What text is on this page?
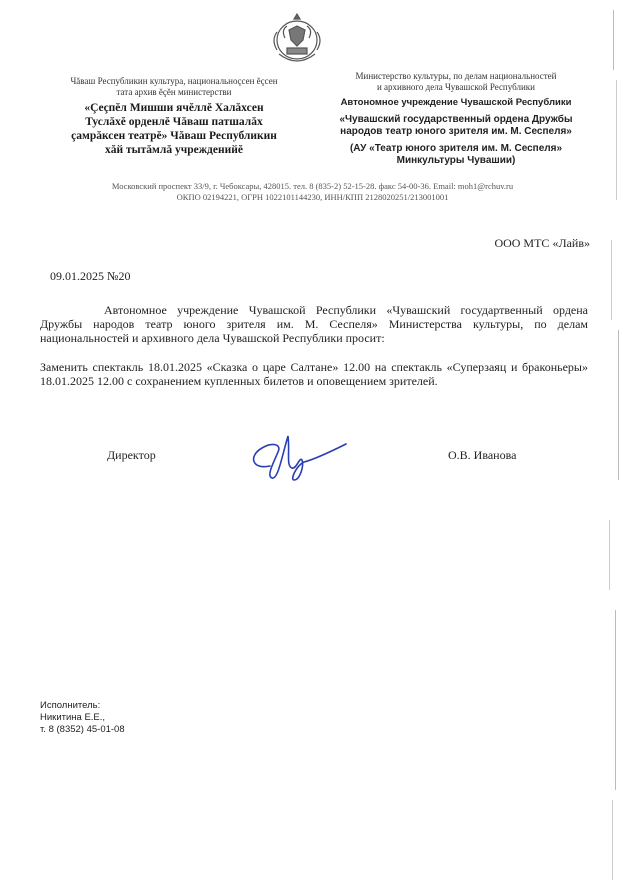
Чăваш Республикин культура, национальноçсен ĕçсен
тата архив ĕçĕн министерстви
«Çеçпĕл Мишши ячĕллĕ Халăхсен
Туслăхĕ орденлĕ Чăваш патшалăх
çамрăксен театрĕ» Чăваш Республикин
хăй тытăмлă учрежденийĕ
Министерство культуры, по делам национальностей
и архивного дела Чувашской Республики
Автономное учреждение Чувашской Республики
«Чувашский государственный ордена Дружбы
народов театр юного зрителя им. М. Сеспеля»
(АУ «Театр юного зрителя им. М. Сеспеля»
Минкультуры Чувашии)
Московский проспект 33/9, г. Чебоксары, 428015. тел. 8 (835-2) 52-15-28. факс 54-00-36. Email: moh1@rchuv.ru
ОКПО 02194221, ОГРН 1022101144230, ИНН/КПП 2128020251/213001001
ООО МТС «Лайв»
09.01.2025 №20
Автономное учреждение Чувашской Республики «Чувашский государтвенный ордена Дружбы народов театр юного зрителя им. М. Сеспеля» Министерства культуры, по делам национальностей и архивного дела Чувашской Республики просит:
Заменить спектакль 18.01.2025 «Сказка о царе Салтане» 12.00 на спектакль «Суперзаяц и браконьеры» 18.01.2025 12.00 с сохранением купленных билетов и оповещением зрителей.
Директор	О.В. Иванова
Исполнитель:
Никитина Е.Е.,
т. 8 (8352) 45-01-08
